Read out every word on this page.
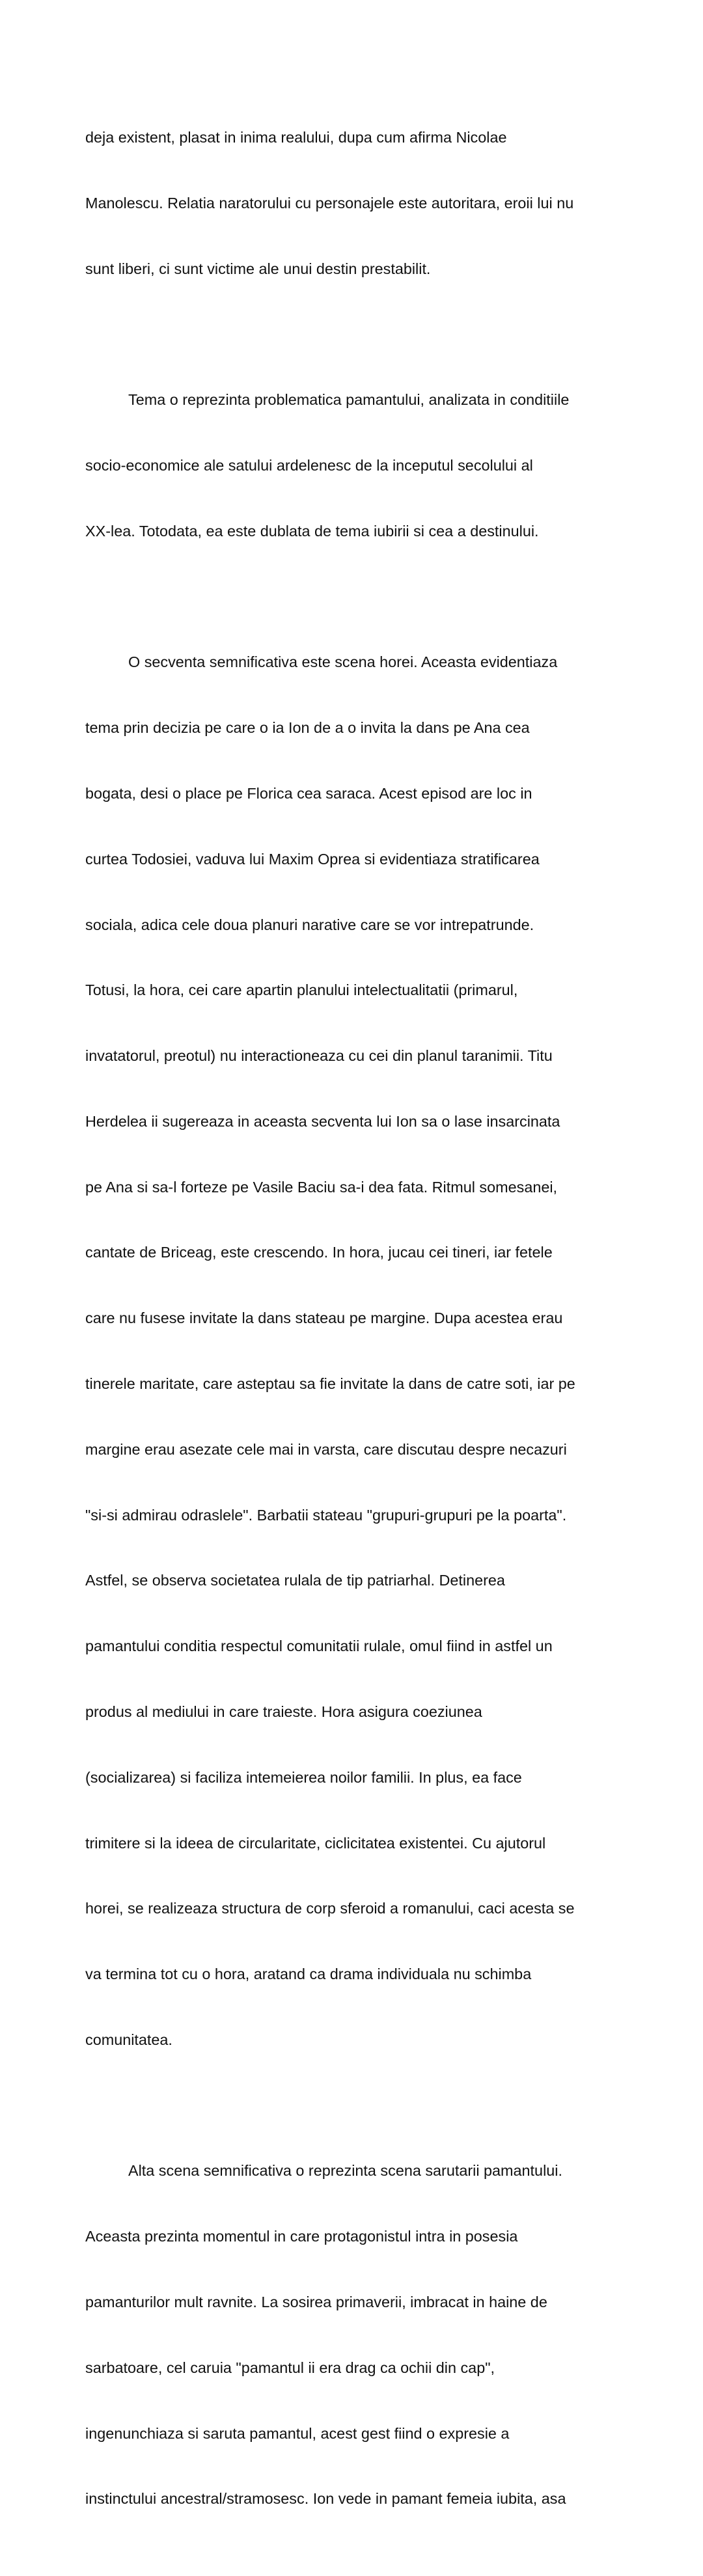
deja existent, plasat in inima realului, dupa cum afirma Nicolae

Manolescu. Relatia naratorului cu personajele este autoritara, eroii lui nu

sunt liberi, ci sunt victime ale unui destin prestabilit.

Tema o reprezinta problematica pamantului, analizata in conditiile

socio-economice ale satului ardelenesc de la inceputul secolului al

XX-lea. Totodata, ea este dublata de tema iubirii si cea a destinului.

O secventa semnificativa este scena horei. Aceasta evidentiaza

tema prin decizia pe care o ia Ion de a o invita la dans pe Ana cea

bogata, desi o place pe Florica cea saraca. Acest episod are loc in

curtea Todosiei, vaduva lui Maxim Oprea si evidentiaza stratificarea

sociala, adica cele doua planuri narative care se vor intrepatrunde.

Totusi, la hora, cei care apartin planului intelectualitatii (primarul,

invatatorul, preotul) nu interactioneaza cu cei din planul taranimii. Titu

Herdelea ii sugereaza in aceasta secventa lui Ion sa o lase insarcinata

pe Ana si sa-l forteze pe Vasile Baciu sa-i dea fata. Ritmul somesanei,

cantate de Briceag, este crescendo. In hora, jucau cei tineri, iar fetele

care nu fusese invitate la dans stateau pe margine. Dupa acestea erau

tinerele maritate, care asteptau sa fie invitate la dans de catre soti, iar pe

margine erau asezate cele mai in varsta, care discutau despre necazuri

"si-si admirau odraslele". Barbatii stateau "grupuri-grupuri pe la poarta".

Astfel, se observa societatea rulala de tip patriarhal. Detinerea

pamantului conditia respectul comunitatii rulale, omul fiind in astfel un

produs al mediului in care traieste. Hora asigura coeziunea

(socializarea) si faciliza intemeierea noilor familii. In plus, ea face

trimitere si la ideea de circularitate, ciclicitatea existentei. Cu ajutorul

horei, se realizeaza structura de corp sferoid a romanului, caci acesta se

va termina tot cu o hora, aratand ca drama individuala nu schimba

comunitatea.

Alta scena semnificativa o reprezinta scena sarutarii pamantului.

Aceasta prezinta momentul in care protagonistul intra in posesia

pamanturilor mult ravnite. La sosirea primaverii, imbracat in haine de

sarbatoare, cel caruia "pamantul ii era drag ca ochii din cap",

ingenunchiaza si saruta pamantul, acest gest fiind o expresie a

instinctului ancestral/stramosesc. Ion vede in pamant femeia iubita, asa
